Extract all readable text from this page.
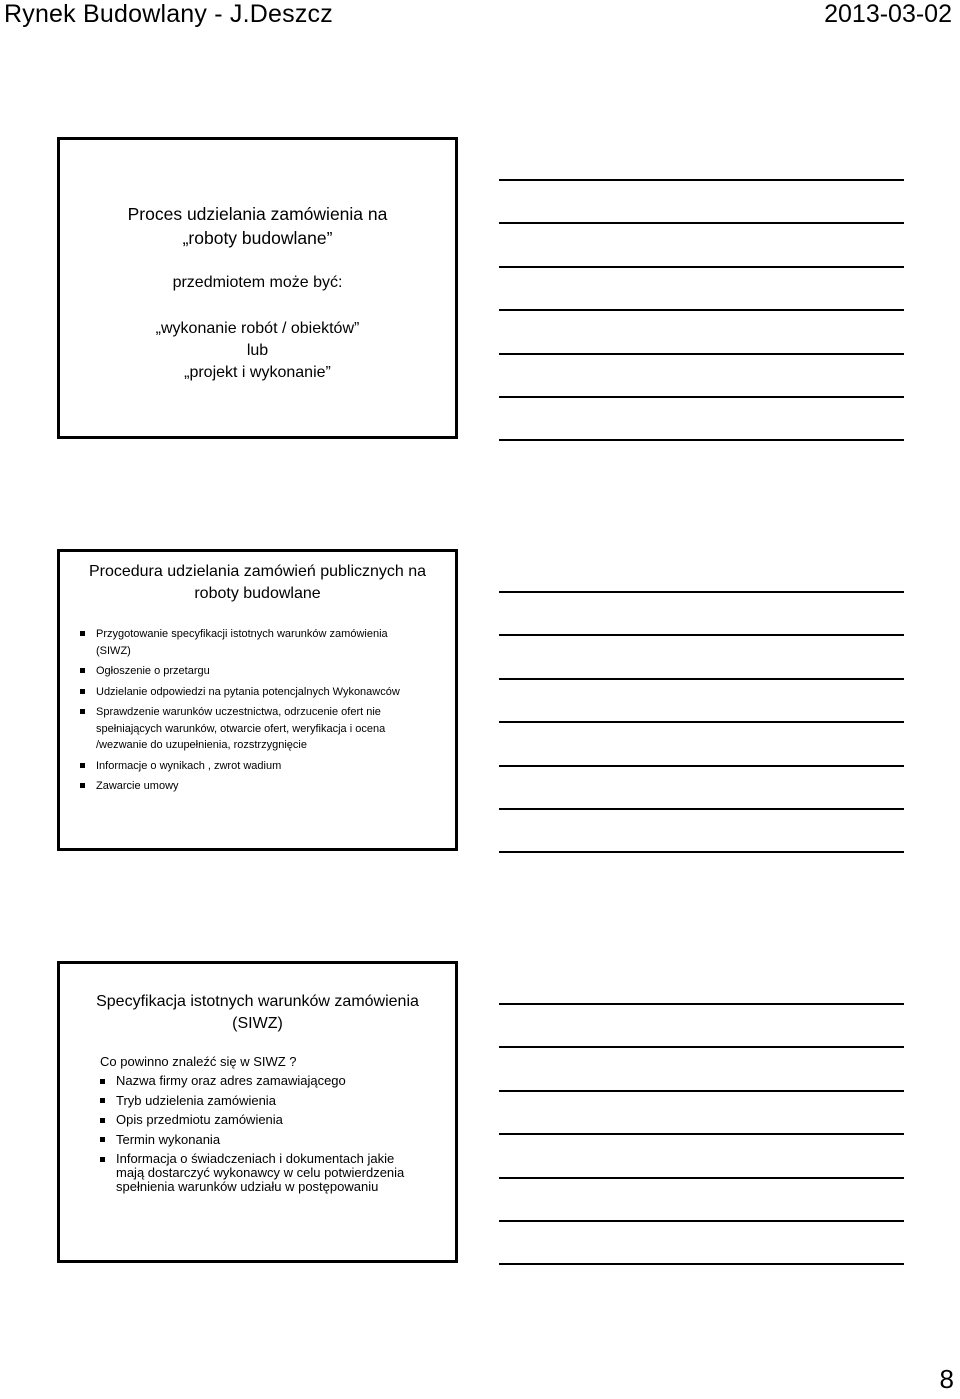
Rynek Budowlany - J.Deszcz	2013-03-02
Proces udzielania zamówienia na
„roboty budowlane”
przedmiotem może być:
„wykonanie robót / obiektów”
lub
„projekt i wykonanie”
Procedura udzielania zamówień publicznych na
roboty budowlane
Przygotowanie specyfikacji istotnych warunków zamówienia (SIWZ)
Ogłoszenie o przetargu
Udzielanie odpowiedzi na pytania potencjalnych Wykonawców
Sprawdzenie warunków uczestnictwa, odrzucenie ofert nie spełniających warunków, otwarcie ofert, weryfikacja i ocena /wezwanie do uzupełnienia, rozstrzygnięcie
Informacje o wynikach , zwrot wadium
Zawarcie umowy
Specyfikacja istotnych warunków zamówienia
(SIWZ)
Co powinno znaleźć się w SIWZ ?
Nazwa firmy oraz adres zamawiającego
Tryb udzielenia zamówienia
Opis przedmiotu zamówienia
Termin wykonania
Informacja o świadczeniach i dokumentach jakie mają dostarczyć wykonawcy w celu potwierdzenia spełnienia warunków udziału w postępowaniu
8
